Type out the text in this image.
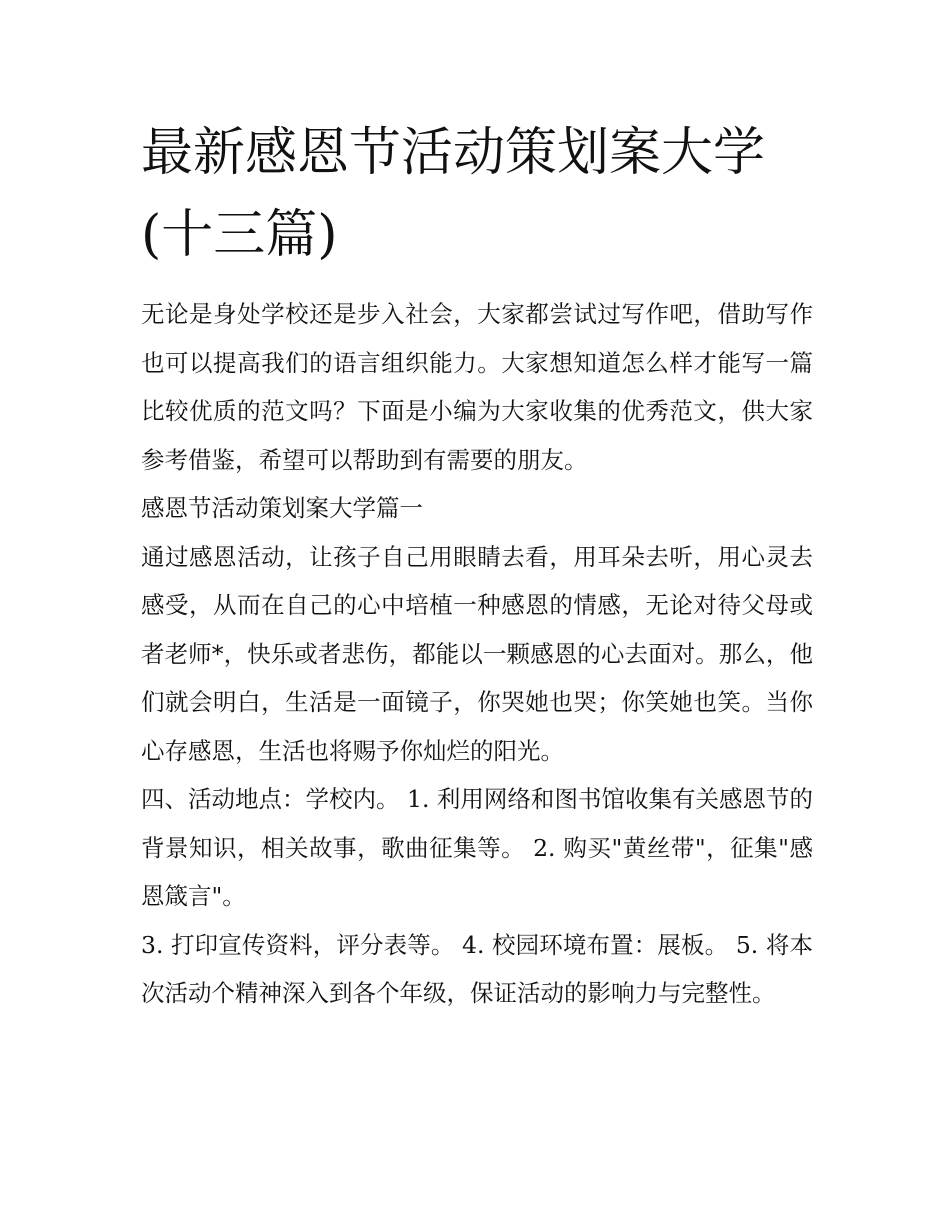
最新感恩节活动策划案大学(十三篇)

无论是身处学校还是步入社会，大家都尝试过写作吧，借助写作也可以提高我们的语言组织能力。大家想知道怎么样才能写一篇比较优质的范文吗？下面是小编为大家收集的优秀范文，供大家参考借鉴，希望可以帮助到有需要的朋友。

感恩节活动策划案大学篇一

通过感恩活动，让孩子自己用眼睛去看，用耳朵去听，用心灵去感受，从而在自己的心中培植一种感恩的情感，无论对待父母或者老师*，快乐或者悲伤，都能以一颗感恩的心去面对。那么，他们就会明白，生活是一面镜子，你哭她也哭；你笑她也笑。当你心存感恩，生活也将赐予你灿烂的阳光。

四、活动地点：学校内。 1. 利用网络和图书馆收集有关感恩节的背景知识，相关故事，歌曲征集等。 2. 购买"黄丝带"，征集"感恩箴言"。

3. 打印宣传资料，评分表等。 4. 校园环境布置：展板。 5. 将本次活动个精神深入到各个年级，保证活动的影响力与完整性。
